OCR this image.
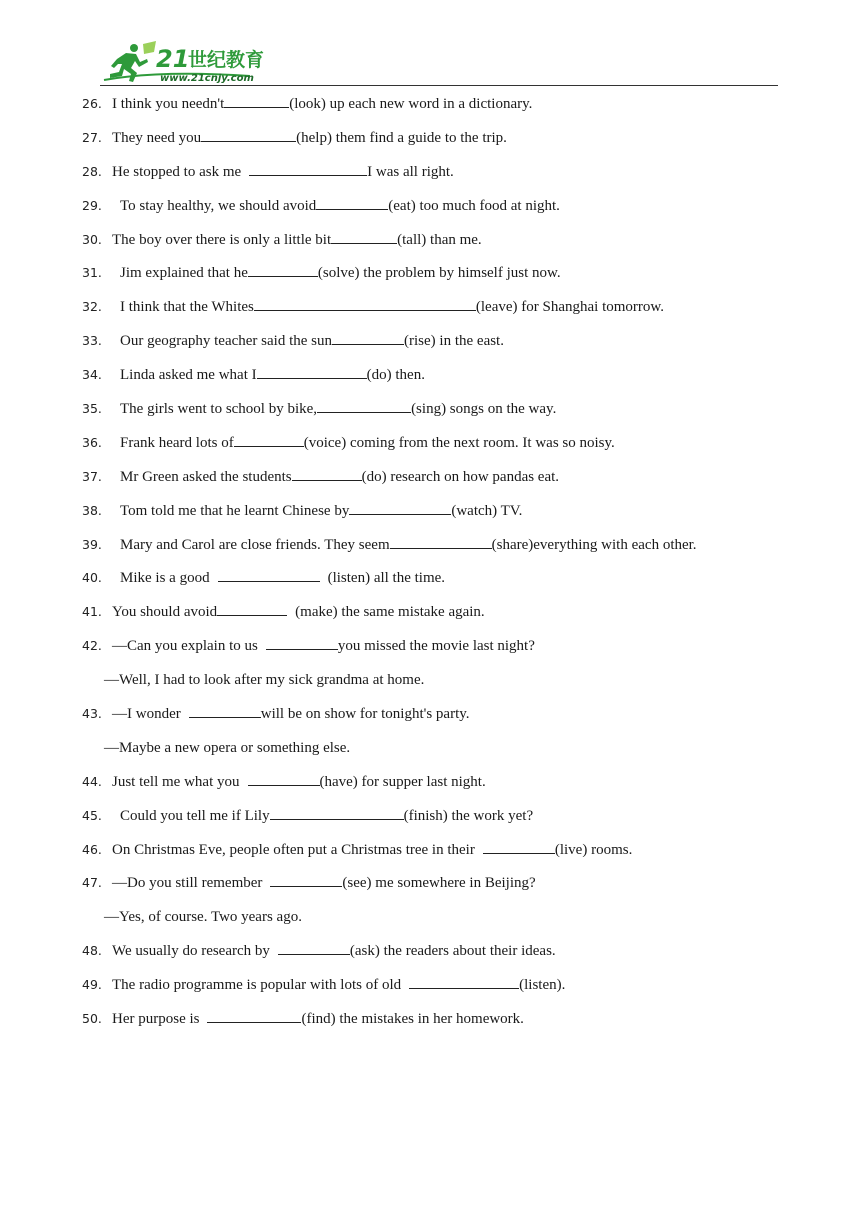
21
世纪教育
www.21cnjy.com
26. I think you needn't	(look) up each new word in a dictionary.
27. They need you	(help) them find a guide to the trip.
28. He stopped to ask me	I was all right.
29. To stay healthy, we should avoid	(eat) too much food at night.
30. The boy over there is only a little bit	(tall) than me.
31. Jim explained that he	(solve) the problem by himself just now.
32. I think that the Whites	(leave) for Shanghai tomorrow.
33. Our geography teacher said the sun	(rise) in the east.
34. Linda asked me what I	(do) then.
35. The girls went to school by bike,	(sing) songs on the way.
36. Frank heard lots of	(voice) coming from the next room. It was so noisy.
37. Mr Green asked the students	(do) research on how pandas eat.
38. Tom told me that he learnt Chinese by	(watch) TV.
39. Mary and Carol are close friends. They seem	(share)everything with each other.
40. Mike is a good	(listen) all the time.
41. You should avoid	(make) the same mistake again.
42. —Can you explain to us	you missed the movie last night?
—Well, I had to look after my sick grandma at home.
43. —I wonder	will be on show for tonight's party.
—Maybe a new opera or something else.
44. Just tell me what you	(have) for supper last night.
45. Could you tell me if Lily	(finish) the work yet?
46. On Christmas Eve, people often put a Christmas tree in their	(live) rooms.
47. —Do you still remember	(see) me somewhere in Beijing?
—Yes, of course. Two years ago.
48. We usually do research by	(ask) the readers about their ideas.
49. The radio programme is popular with lots of old	(listen).
50. Her purpose is	(find) the mistakes in her homework.
